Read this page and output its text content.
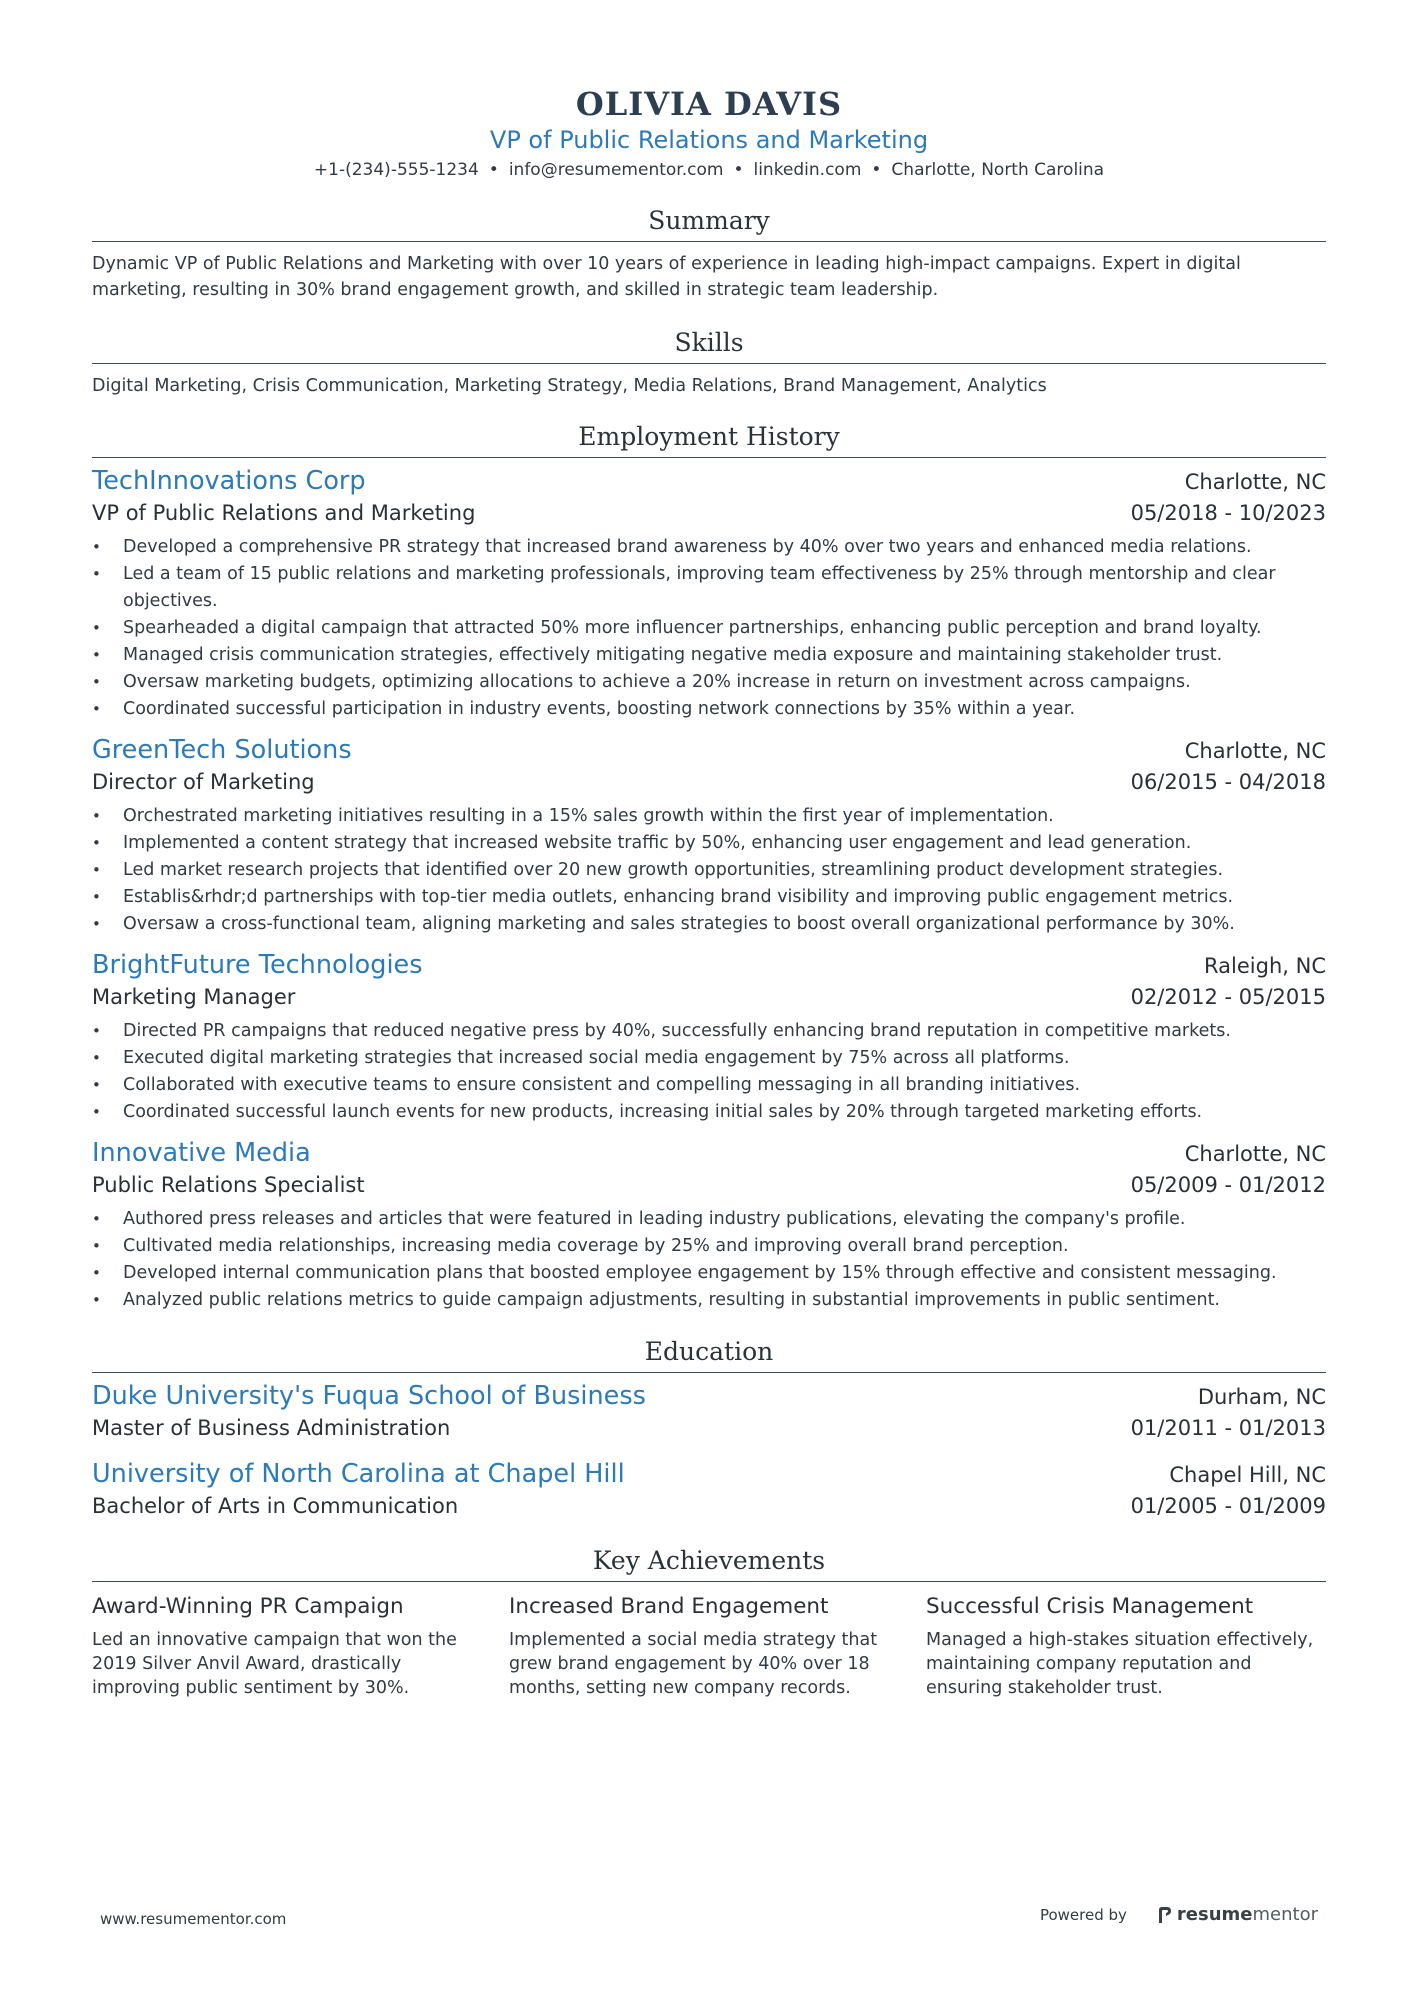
OLIVIA DAVIS
VP of Public Relations and Marketing
+1-(234)-555-1234 • info@resumementor.com • linkedin.com • Charlotte, North Carolina
Summary
Dynamic VP of Public Relations and Marketing with over 10 years of experience in leading high-impact campaigns. Expert in digital marketing, resulting in 30% brand engagement growth, and skilled in strategic team leadership.
Skills
Digital Marketing, Crisis Communication, Marketing Strategy, Media Relations, Brand Management, Analytics
Employment History
TechInnovations Corp	Charlotte, NC
VP of Public Relations and Marketing	05/2018 - 10/2023
•	Developed a comprehensive PR strategy that increased brand awareness by 40% over two years and enhanced media relations.
•	Led a team of 15 public relations and marketing professionals, improving team effectiveness by 25% through mentorship and clear objectives.
•	Spearheaded a digital campaign that attracted 50% more influencer partnerships, enhancing public perception and brand loyalty.
•	Managed crisis communication strategies, effectively mitigating negative media exposure and maintaining stakeholder trust.
•	Oversaw marketing budgets, optimizing allocations to achieve a 20% increase in return on investment across campaigns.
•	Coordinated successful participation in industry events, boosting network connections by 35% within a year.
GreenTech Solutions	Charlotte, NC
Director of Marketing	06/2015 - 04/2018
•	Orchestrated marketing initiatives resulting in a 15% sales growth within the first year of implementation.
•	Implemented a content strategy that increased website traffic by 50%, enhancing user engagement and lead generation.
•	Led market research projects that identified over 20 new growth opportunities, streamlining product development strategies.
•	Establis&rhdr;d partnerships with top-tier media outlets, enhancing brand visibility and improving public engagement metrics.
•	Oversaw a cross-functional team, aligning marketing and sales strategies to boost overall organizational performance by 30%.
BrightFuture Technologies	Raleigh, NC
Marketing Manager	02/2012 - 05/2015
•	Directed PR campaigns that reduced negative press by 40%, successfully enhancing brand reputation in competitive markets.
•	Executed digital marketing strategies that increased social media engagement by 75% across all platforms.
•	Collaborated with executive teams to ensure consistent and compelling messaging in all branding initiatives.
•	Coordinated successful launch events for new products, increasing initial sales by 20% through targeted marketing efforts.
Innovative Media	Charlotte, NC
Public Relations Specialist	05/2009 - 01/2012
•	Authored press releases and articles that were featured in leading industry publications, elevating the company's profile.
•	Cultivated media relationships, increasing media coverage by 25% and improving overall brand perception.
•	Developed internal communication plans that boosted employee engagement by 15% through effective and consistent messaging.
•	Analyzed public relations metrics to guide campaign adjustments, resulting in substantial improvements in public sentiment.
Education
Duke University's Fuqua School of Business	Durham, NC
Master of Business Administration	01/2011 - 01/2013
University of North Carolina at Chapel Hill	Chapel Hill, NC
Bachelor of Arts in Communication	01/2005 - 01/2009
Key Achievements
Award-Winning PR Campaign
Led an innovative campaign that won the 2019 Silver Anvil Award, drastically improving public sentiment by 30%.
Increased Brand Engagement
Implemented a social media strategy that grew brand engagement by 40% over 18 months, setting new company records.
Successful Crisis Management
Managed a high-stakes situation effectively, maintaining company reputation and ensuring stakeholder trust.
www.resumementor.com	Powered by	resume mentor
